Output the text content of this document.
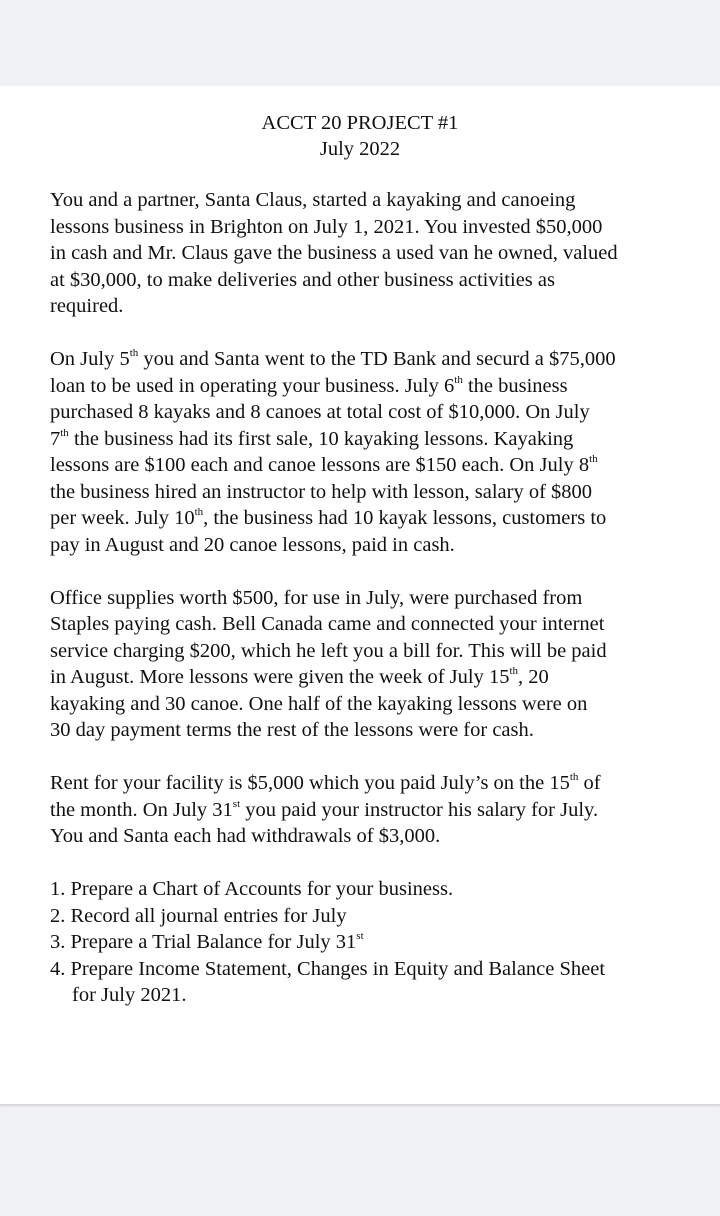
ACCT 20 PROJECT #1
July 2022

You and a partner, Santa Claus, started a kayaking and canoeing
lessons business in Brighton on July 1, 2021. You invested $50,000
in cash and Mr. Claus gave the business a used van he owned, valued
at $30,000, to make deliveries and other business activities as
required.

On July 5th you and Santa went to the TD Bank and securd a $75,000
loan to be used in operating your business. July 6th the business
purchased 8 kayaks and 8 canoes at total cost of $10,000. On July
7th the business had its first sale, 10 kayaking lessons. Kayaking
lessons are $100 each and canoe lessons are $150 each. On July 8th
the business hired an instructor to help with lesson, salary of $800
per week. July 10th, the business had 10 kayak lessons, customers to
pay in August and 20 canoe lessons, paid in cash.

Office supplies worth $500, for use in July, were purchased from
Staples paying cash. Bell Canada came and connected your internet
service charging $200, which he left you a bill for. This will be paid
in August. More lessons were given the week of July 15th, 20
kayaking and 30 canoe. One half of the kayaking lessons were on
30 day payment terms the rest of the lessons were for cash.

Rent for your facility is $5,000 which you paid July’s on the 15th of
the month. On July 31st you paid your instructor his salary for July.
You and Santa each had withdrawals of $3,000.

1. Prepare a Chart of Accounts for your business.
2. Record all journal entries for July
3. Prepare a Trial Balance for July 31st
4. Prepare Income Statement, Changes in Equity and Balance Sheet
for July 2021.
